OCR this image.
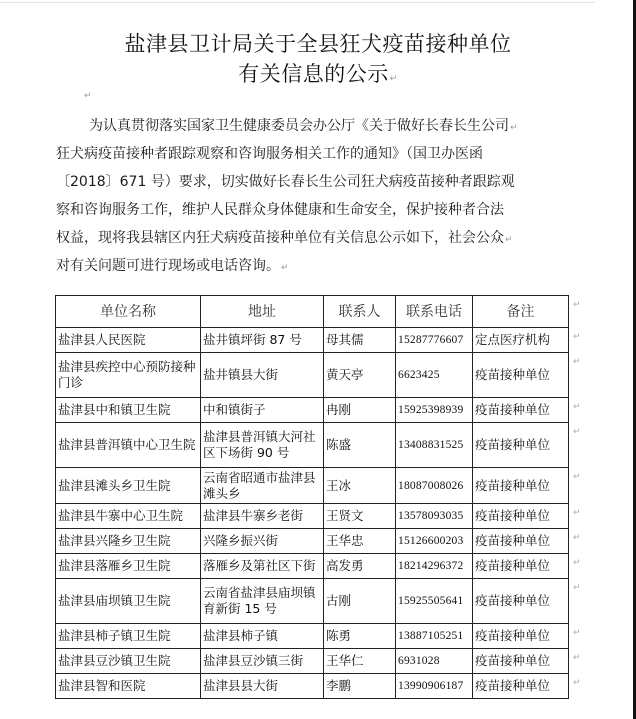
盐津县卫计局关于全县狂犬疫苗接种单位
有关信息的公示↵
↵
为认真贯彻落实国家卫生健康委员会办公厅《关于做好长春长生公司↵
狂犬病疫苗接种者跟踪观察和咨询服务相关工作的通知》（国卫办医函
〔2018〕671 号）要求，切实做好长春长生公司狂犬病疫苗接种者跟踪观
察和咨询服务工作，维护人民群众身体健康和生命安全，保护接种者合法
权益，现将我县辖区内狂犬病疫苗接种单位有关信息公示如下，社会公众↵
对有关问题可进行现场或电话咨询。↵
单位名称	地址	联系人	联系电话	备注
盐津县人民医院	盐井镇坪街 87 号	母其儒	15287776607	定点医疗机构
盐津县疾控中心预防接种门诊	盐井镇县大街	黄天亭	6623425	疫苗接种单位
盐津县中和镇卫生院	中和镇街子	冉刚	15925398939	疫苗接种单位
盐津县普洱镇中心卫生院	盐津县普洱镇大河社区下场街 90 号	陈盛	13408831525	疫苗接种单位
盐津县滩头乡卫生院	云南省昭通市盐津县滩头乡	王冰	18087008026	疫苗接种单位
盐津县牛寨中心卫生院	盐津县牛寨乡老街	王贤文	13578093035	疫苗接种单位
盐津县兴隆乡卫生院	兴隆乡振兴街	王华忠	15126600203	疫苗接种单位
盐津县落雁乡卫生院	落雁乡及第社区下街	高发勇	18214296372	疫苗接种单位
盐津县庙坝镇卫生院	云南省盐津县庙坝镇育新街 15 号	古刚	15925505641	疫苗接种单位
盐津县柿子镇卫生院	盐津县柿子镇	陈勇	13887105251	疫苗接种单位
盐津县豆沙镇卫生院	盐津县豆沙镇三街	王华仁	6931028	疫苗接种单位
盐津县智和医院	盐津县县大街	李鹏	13990906187	疫苗接种单位
↵
↵
↵
↵
↵
↵
↵
↵
↵
↵
↵
↵
↵
